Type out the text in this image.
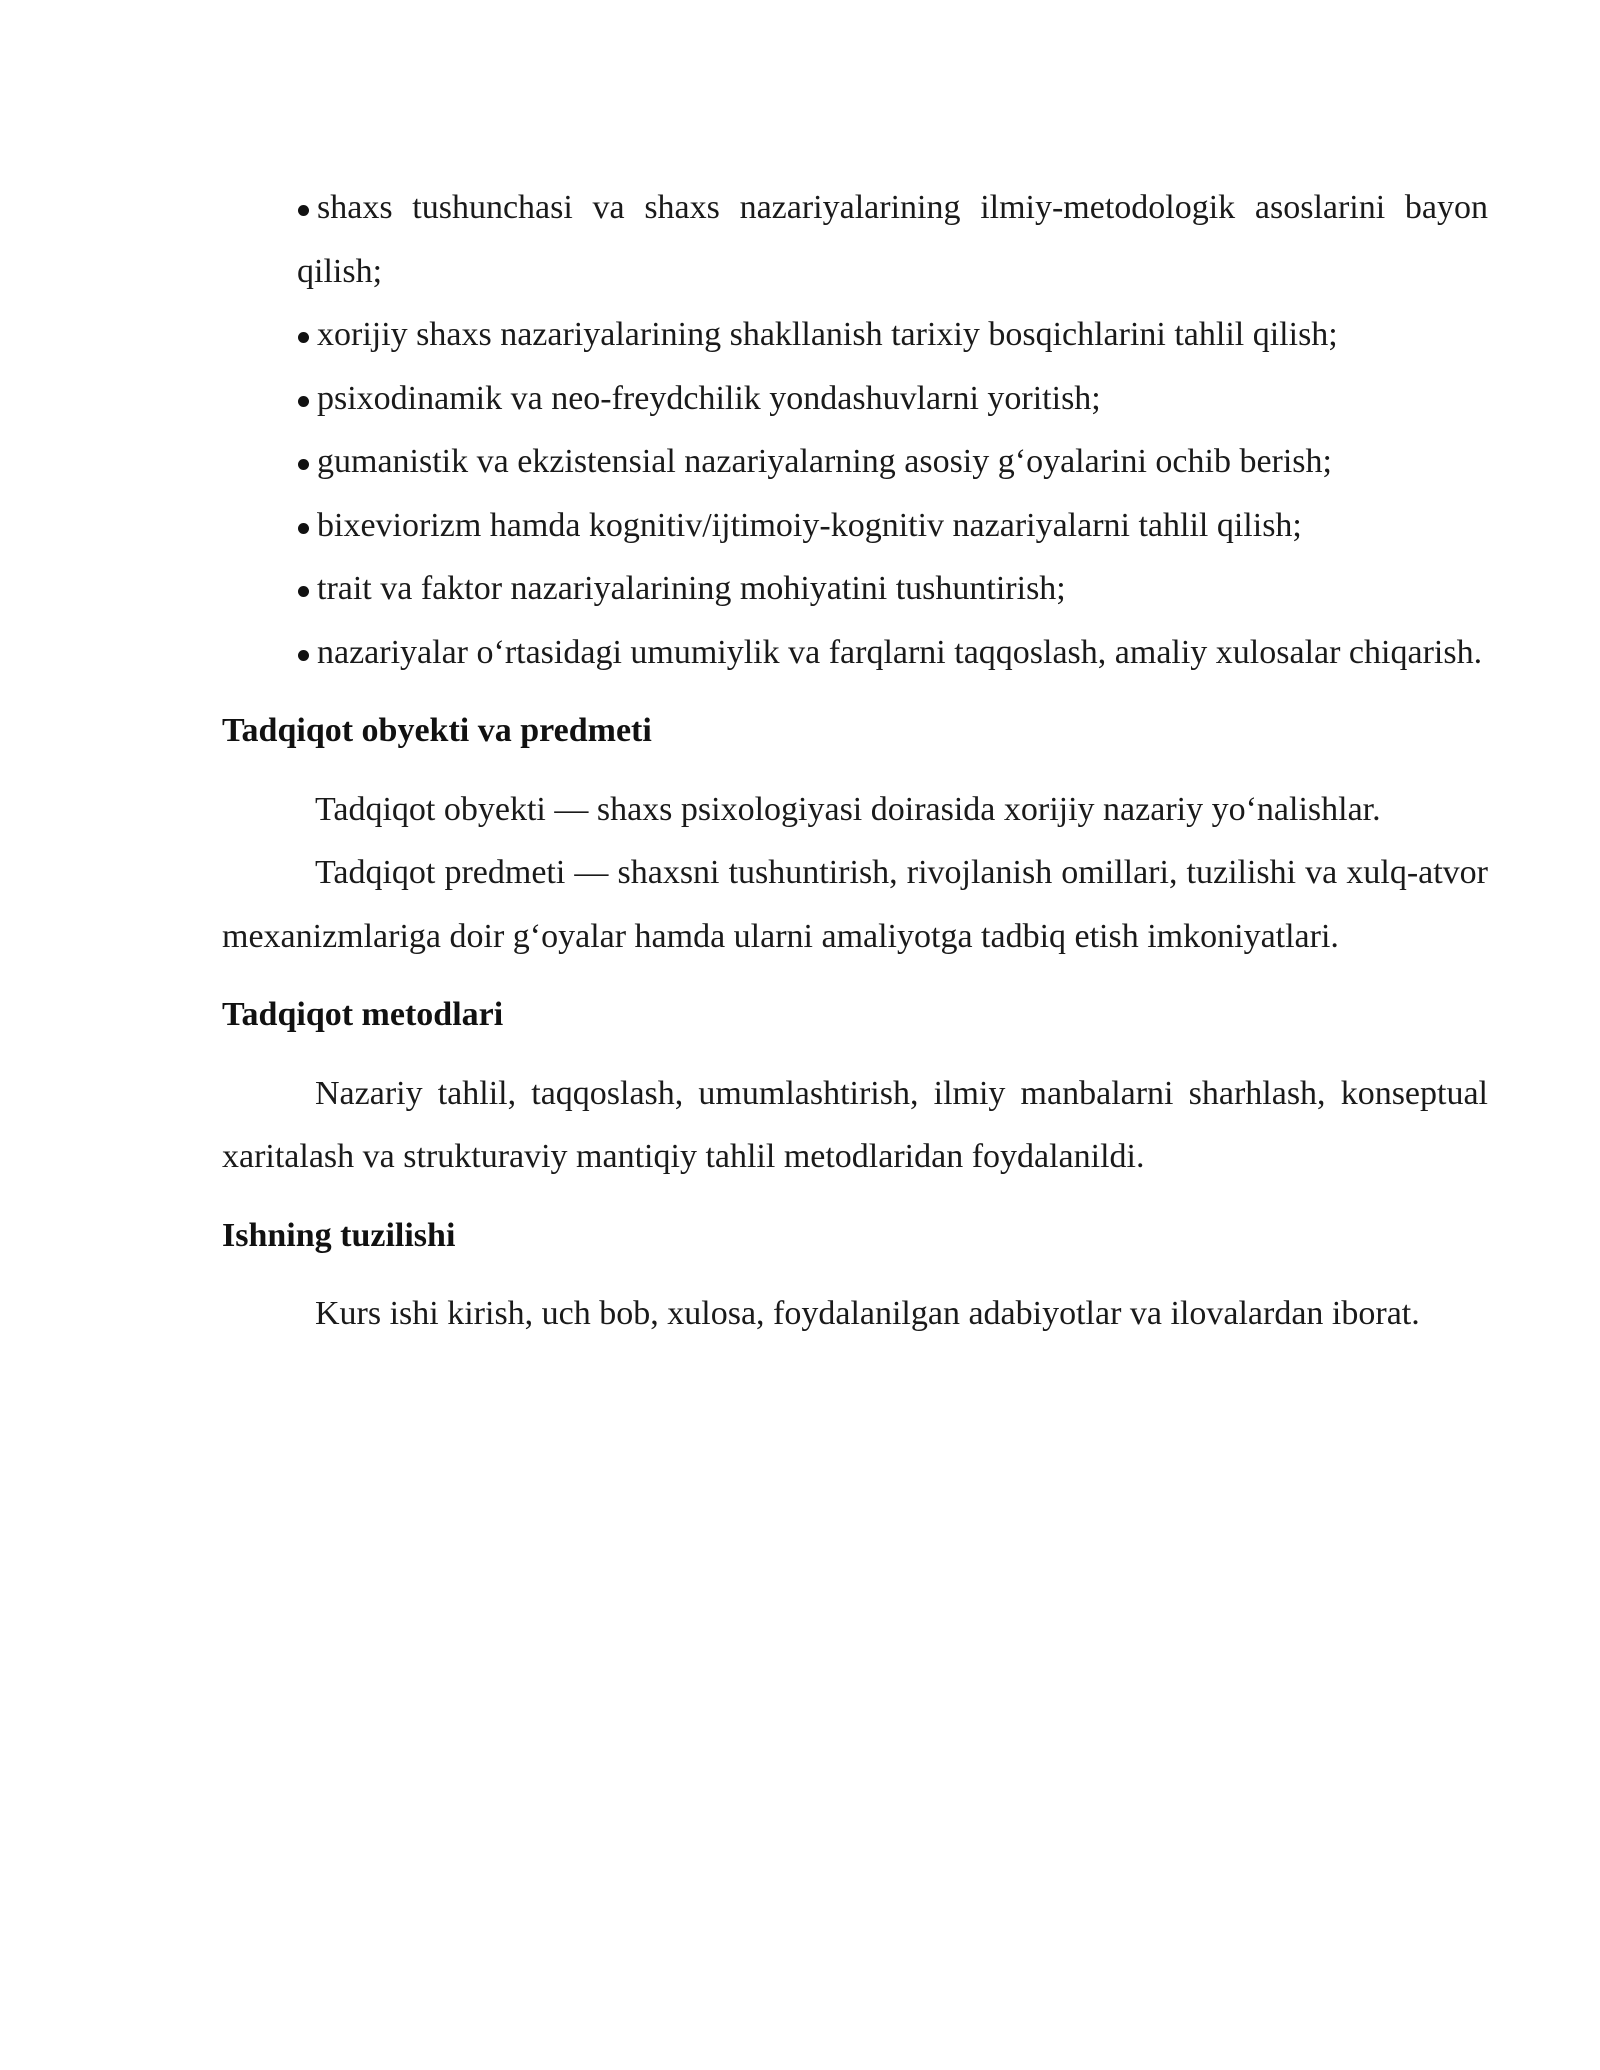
shaxs tushunchasi va shaxs nazariyalarining ilmiy-metodologik asoslarini bayon qilish;
xorijiy shaxs nazariyalarining shakllanish tarixiy bosqichlarini tahlil qilish;
psixodinamik va neo-freydchilik yondashuvlarni yoritish;
gumanistik va ekzistensial nazariyalarning asosiy g‘oyalarini ochib berish;
bixeviorizm hamda kognitiv/ijtimoiy-kognitiv nazariyalarni tahlil qilish;
trait va faktor nazariyalarining mohiyatini tushuntirish;
nazariyalar o‘rtasidagi umumiylik va farqlarni taqqoslash, amaliy xulosalar chiqarish.
Tadqiqot obyekti va predmeti

Tadqiqot obyekti — shaxs psixologiyasi doirasida xorijiy nazariy yo‘nalishlar.

Tadqiqot predmeti — shaxsni tushuntirish, rivojlanish omillari, tuzilishi va xulq-atvor mexanizmlariga doir g‘oyalar hamda ularni amaliyotga tadbiq etish imkoniyatlari.

Tadqiqot metodlari

Nazariy tahlil, taqqoslash, umumlashtirish, ilmiy manbalarni sharhlash, konseptual xaritalash va strukturaviy mantiqiy tahlil metodlaridan foydalanildi.

Ishning tuzilishi

Kurs ishi kirish, uch bob, xulosa, foydalanilgan adabiyotlar va ilovalardan iborat.
